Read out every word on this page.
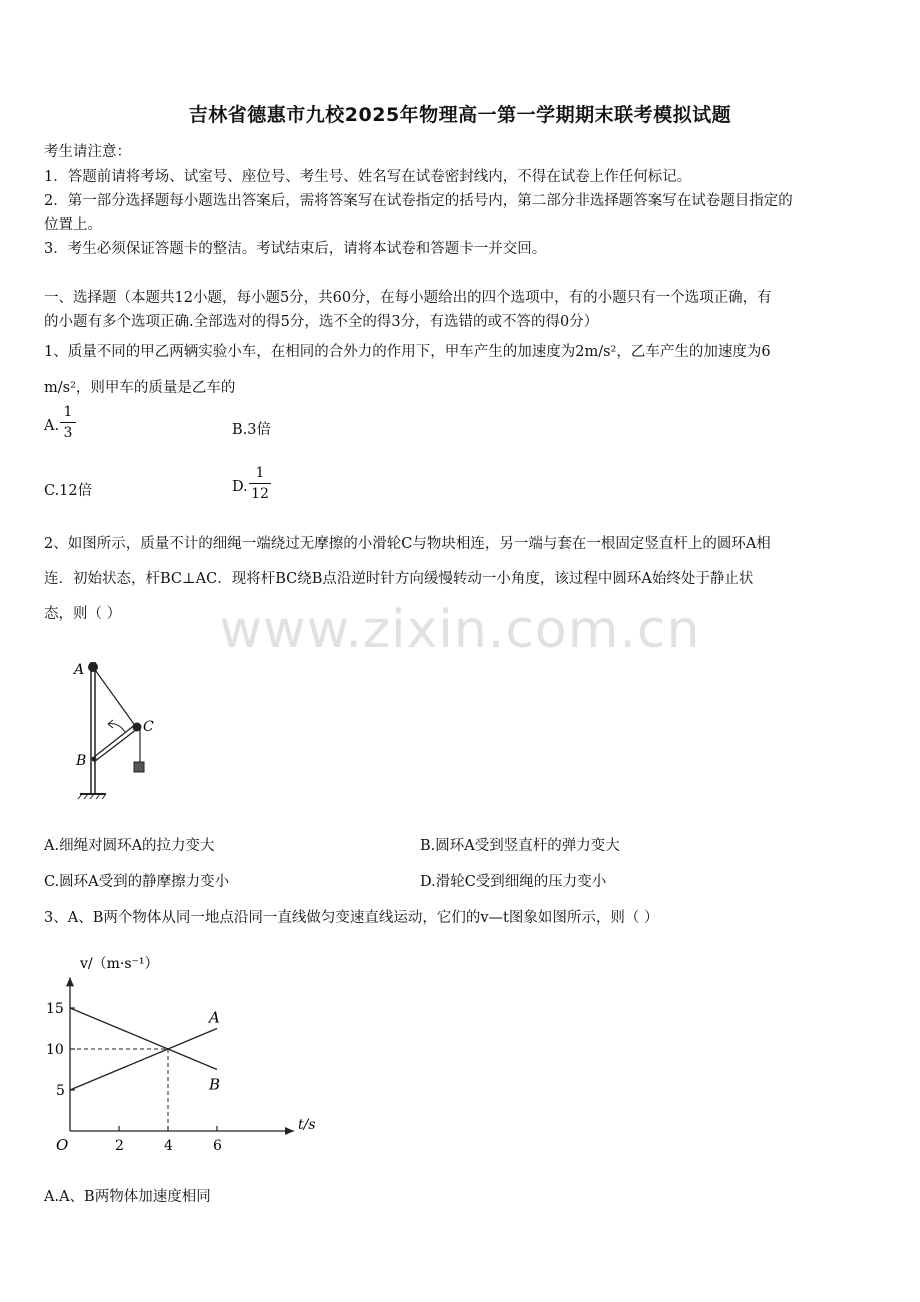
吉林省德惠市九校2025年物理高一第一学期期末联考模拟试题
考生请注意：
1．答题前请将考场、试室号、座位号、考生号、姓名写在试卷密封线内，不得在试卷上作任何标记。
2．第一部分选择题每小题选出答案后，需将答案写在试卷指定的括号内，第二部分非选择题答案写在试卷题目指定的
位置上。
3．考生必须保证答题卡的整洁。考试结束后，请将本试卷和答题卡一并交回。
一、选择题（本题共12小题，每小题5分，共60分，在每小题给出的四个选项中，有的小题只有一个选项正确，有
的小题有多个选项正确.全部选对的得5分，选不全的得3分，有选错的或不答的得0分）
1、质量不同的甲乙两辆实验小车，在相同的合外力的作用下，甲车产生的加速度为2m/s²，乙车产生的加速度为6
m/s²，则甲车的质量是乙车的
A.
1
3	B.3倍
C.12倍	D.
1
12
2、如图所示，质量不计的细绳一端绕过无摩擦的小滑轮C与物块相连，另一端与套在一根固定竖直杆上的圆环A相
连．初始状态，杆BC⊥AC．现将杆BC绕B点沿逆时针方向缓慢转动一小角度，该过程中圆环A始终处于静止状
态，则（ ）	www.zixin.com.cn
A
B
C
A.细绳对圆环A的拉力变大	B.圆环A受到竖直杆的弹力变大
C.圆环A受到的静摩擦力变小	D.滑轮C受到细绳的压力变小
3、A、B两个物体从同一地点沿同一直线做匀变速直线运动，它们的v—t图象如图所示，则（ ）
A
B
2	4	6
5
10
15
v/（m·s⁻¹）
t/s
O
A.A、B两物体加速度相同
